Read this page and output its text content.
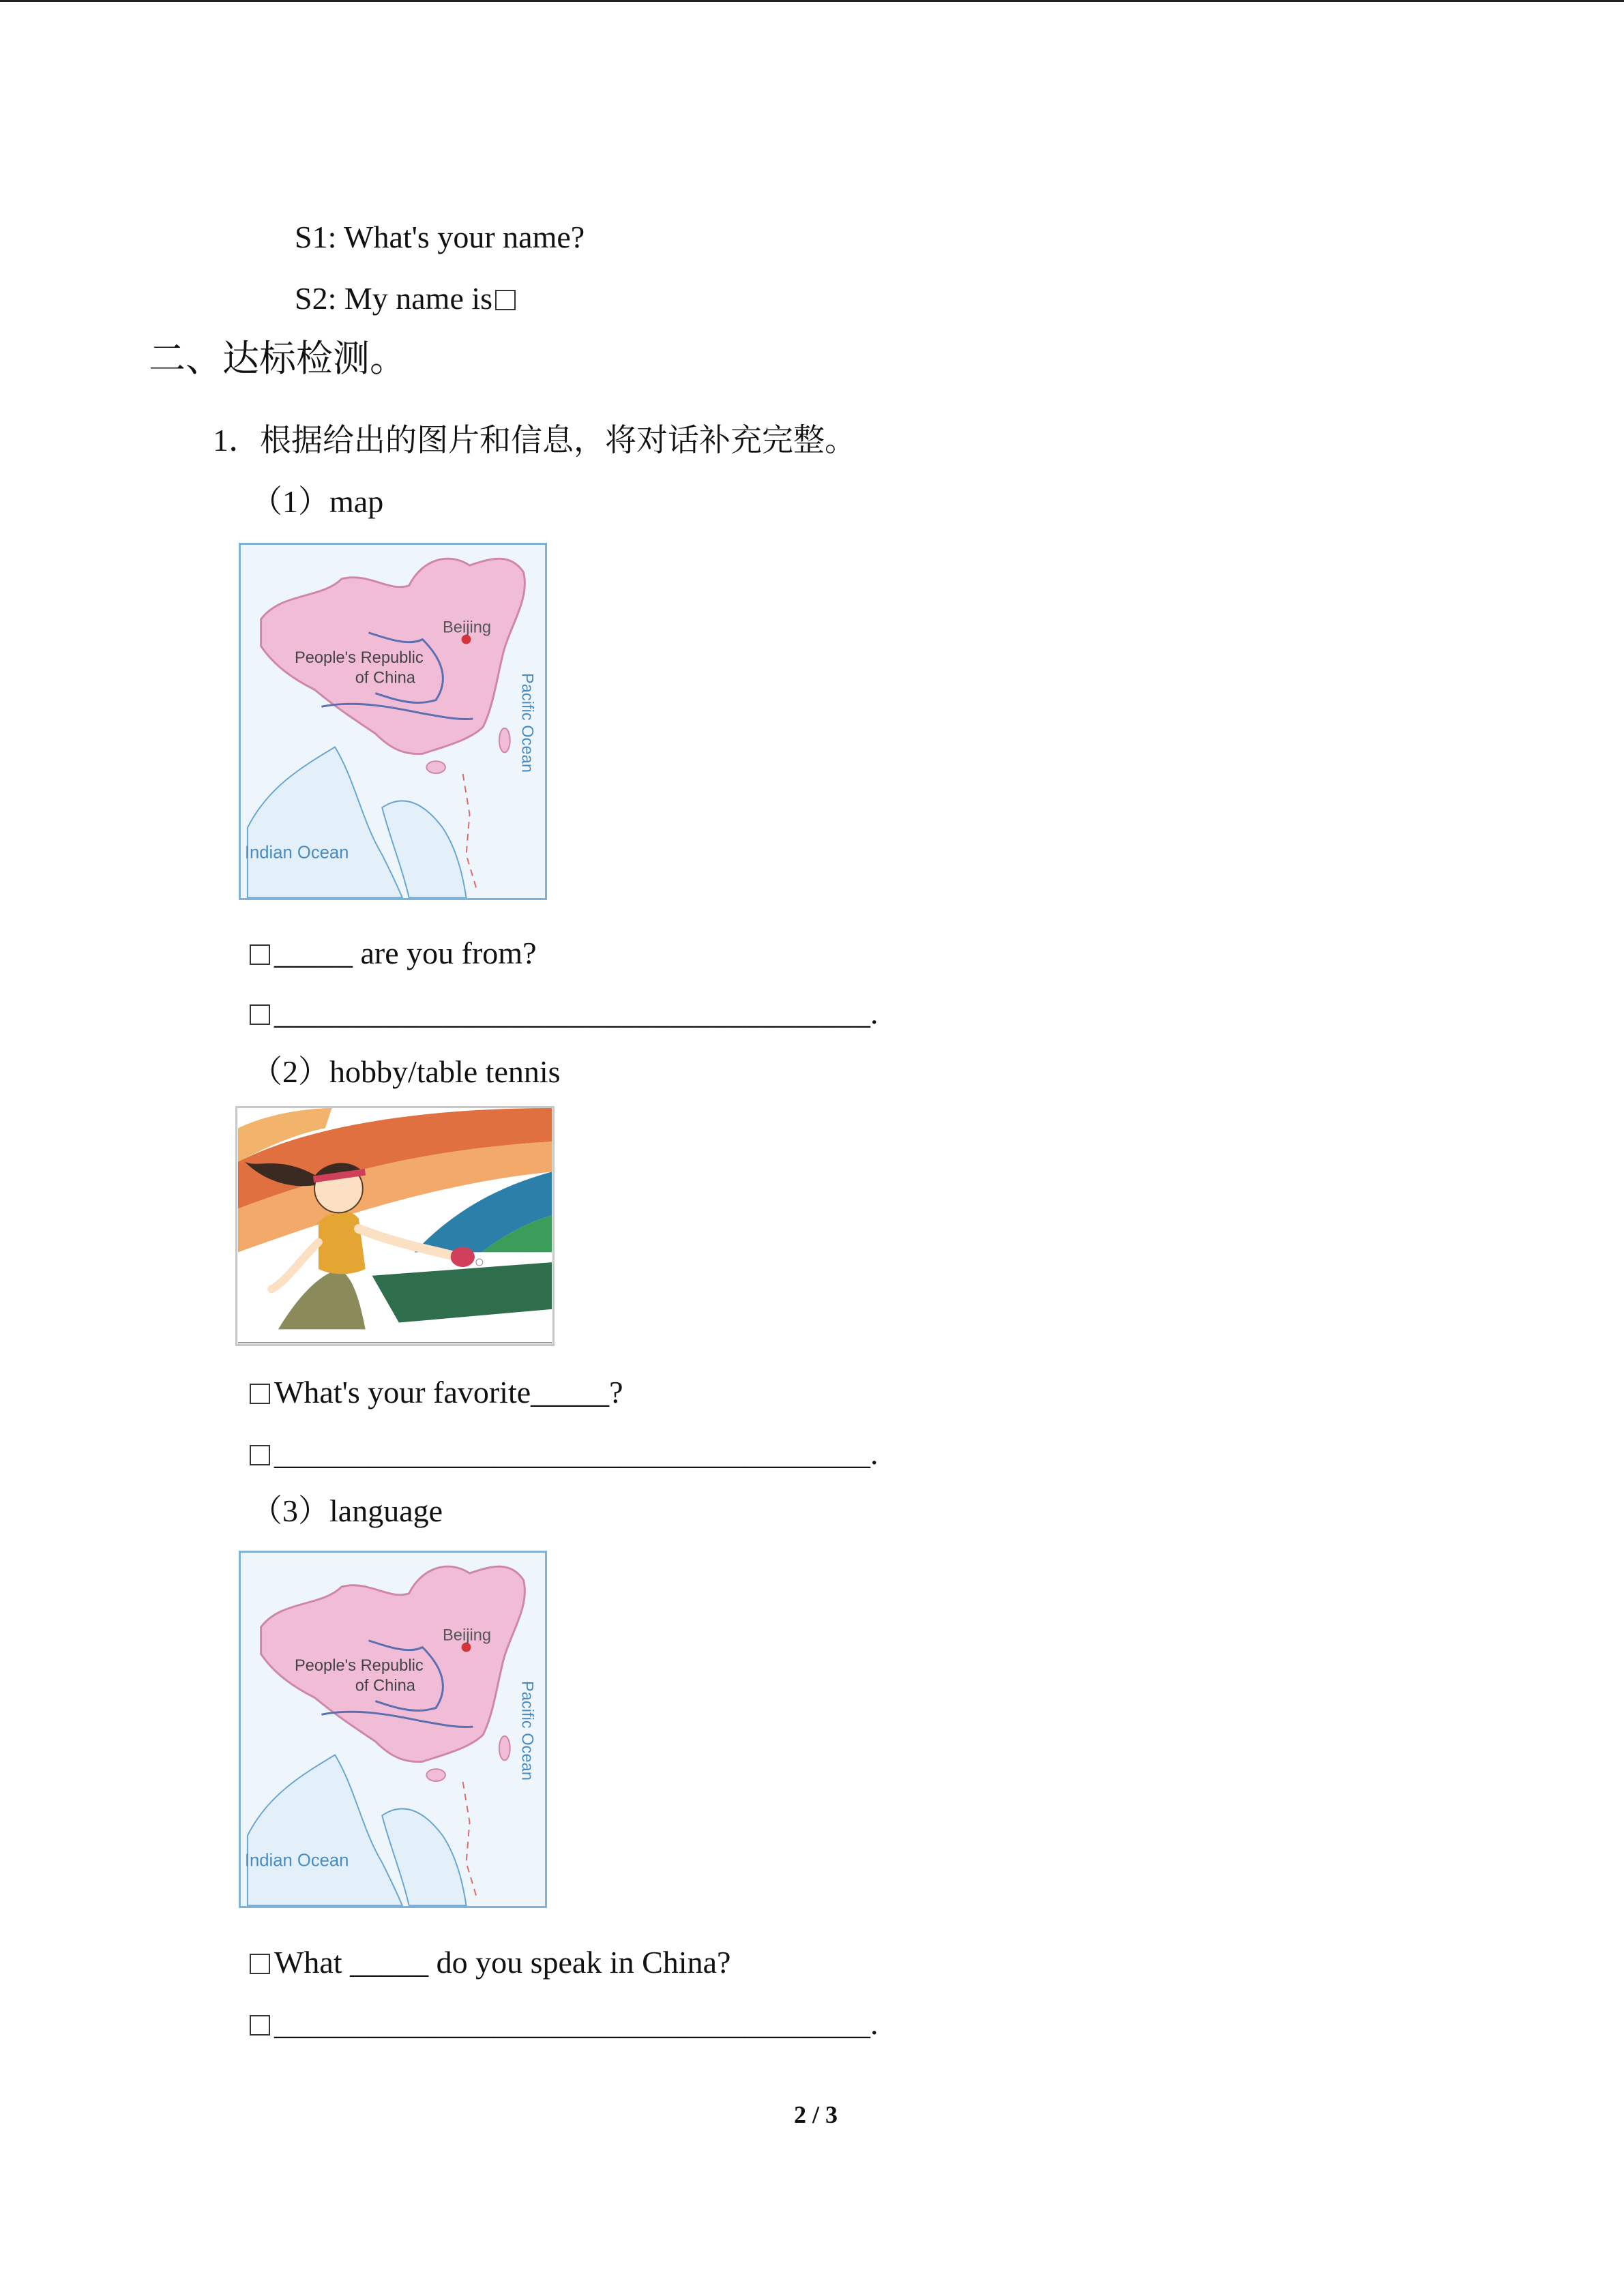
S1: What's your name?
S2: My name is
二、达标检测。
1．根据给出的图片和信息，将对话补充完整。
（1）map
Beijing
People's Republic
of China	Pacific Ocean
Indian Ocean
_____ are you from?
______________________________________.
（2）hobby/table tennis
What's your favorite_____?
______________________________________.
（3）language
Beijing
People's Republic
of China	Pacific Ocean
Indian Ocean
What _____ do you speak in China?
______________________________________.
2 / 3
